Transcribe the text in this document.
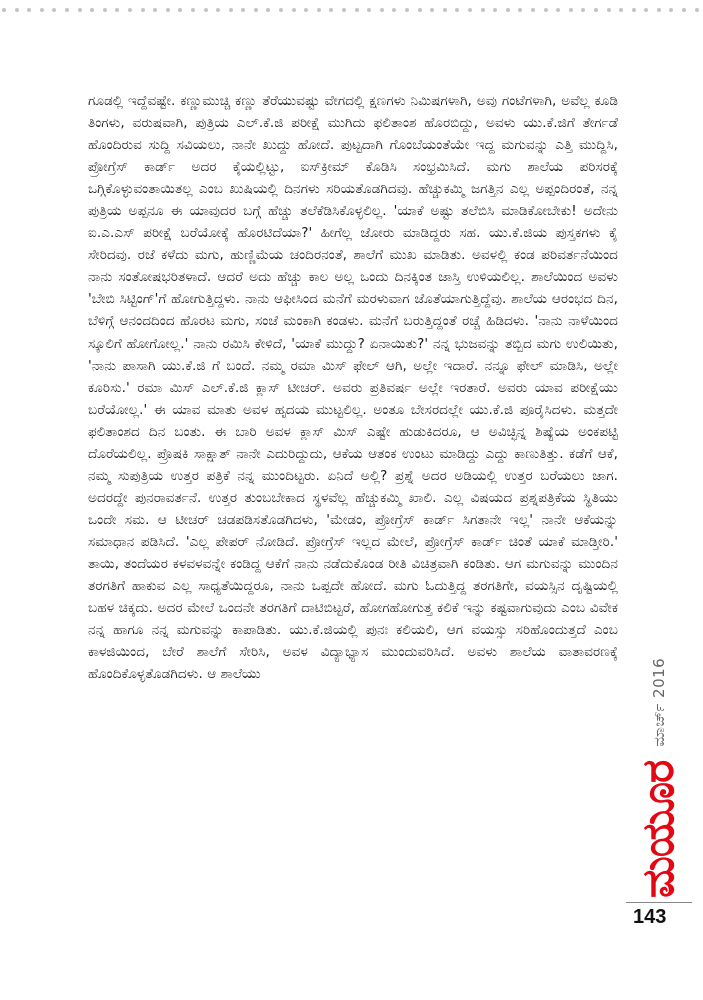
ಗೂಡಲ್ಲಿ ಇದ್ದೆವಷ್ಟೇ. ಕಣ್ಣುಮುಚ್ಚಿ ಕಣ್ಣು ತೆರೆಯುವಷ್ಟು ವೇಗದಲ್ಲಿ ಕ್ಷಣಗಳು ನಿಮಿಷಗಳಾಗಿ, ಅವು ಗಂಟೆಗಳಾಗಿ, ಅವೆಲ್ಲ ಕೂಡಿ ತಿಂಗಳು, ವರುಷವಾಗಿ, ಪುತ್ರಿಯ ಎಲ್.ಕೆ.ಜಿ ಪರೀಕ್ಷೆ ಮುಗಿದು ಫಲಿತಾಂಶ ಹೊರಬಿದ್ದು, ಅವಳು ಯು.ಕೆ.ಜಿಗೆ ತೇರ್ಗಡೆ ಹೊಂದಿರುವ ಸುದ್ದಿ ಸವಿಯಲು, ನಾನೇ ಖುದ್ದು ಹೋದೆ. ಪುಟ್ಟದಾಗಿ ಗೊಂಬೆಯಂತೆಯೇ ಇದ್ದ ಮಗುವನ್ನು ಎತ್ತಿ ಮುದ್ದಿಸಿ, ಪ್ರೋಗ್ರೆಸ್ ಕಾರ್ಡ್ ಅದರ ಕೈಯಲ್ಲಿಟ್ಟು, ಐಸ್‌ಕ್ರೀಮ್ ಕೊಡಿಸಿ ಸಂಭ್ರಮಿಸಿದೆ. ಮಗು ಶಾಲೆಯ ಪರಿಸರಕ್ಕೆ ಒಗ್ಗಿಕೊಳ್ಳುವಂತಾಯಿತಲ್ಲ ಎಂಬ ಖುಷಿಯಲ್ಲಿ ದಿನಗಳು ಸರಿಯತೊಡಗಿದವು. ಹೆಚ್ಚುಕಮ್ಮಿ ಜಗತ್ತಿನ ಎಲ್ಲ ಅಪ್ಪಂದಿರಂತೆ, ನನ್ನ ಪುತ್ರಿಯ ಅಪ್ಪನೂ ಈ ಯಾವುದರ ಬಗ್ಗೆ ಹೆಚ್ಚು ತಲೆಕೆಡಿಸಿಕೊಳ್ಳಲಿಲ್ಲ. 'ಯಾಕೆ ಅಷ್ಟು ತಲೆಬಿಸಿ ಮಾಡಿಕೋಬೇಕು! ಅದೇನು ಐ.ಎ.ಎಸ್ ಪರೀಕ್ಷೆ ಬರೆಯೋಕ್ಕೆ ಹೊರಟಿದೆಯಾ?' ಹೀಗೆಲ್ಲ ಜೋರು ಮಾಡಿದ್ದರು ಸಹ. ಯು.ಕೆ.ಜಿಯ ಪುಸ್ತಕಗಳು ಕೈ ಸೇರಿದವು. ರಜೆ ಕಳೆದು ಮಗು, ಹುಣ್ಣಿಮೆಯ ಚಂದಿರನಂತೆ, ಶಾಲೆಗೆ ಮುಖ ಮಾಡಿತು. ಅವಳಲ್ಲಿ ಕಂಡ ಪರಿವರ್ತನೆಯಿಂದ ನಾನು ಸಂತೋಷಭರಿತಳಾದೆ. ಆದರೆ ಅದು ಹೆಚ್ಚು ಕಾಲ ಅಲ್ಲ ಒಂದು ದಿನಕ್ಕಿಂತ ಜಾಸ್ತಿ ಉಳಿಯಲಿಲ್ಲ. ಶಾಲೆಯಿಂದ ಅವಳು 'ಬೇಬಿ ಸಿಟ್ಟಿಂಗ್'ಗೆ ಹೋಗುತ್ತಿದ್ದಳು. ನಾನು ಆಫೀಸಿಂದ ಮನೆಗೆ ಮರಳುವಾಗ ಜೊತೆಯಾಗುತ್ತಿದ್ದೆವು. ಶಾಲೆಯ ಆರಂಭದ ದಿನ, ಬೆಳಿಗ್ಗೆ ಆನಂದದಿಂದ ಹೊರಟ ಮಗು, ಸಂಜೆ ಮಂಕಾಗಿ ಕಂಡಳು. ಮನೆಗೆ ಬರುತ್ತಿದ್ದಂತೆ ರಚ್ಚೆ ಹಿಡಿದಳು. 'ನಾನು ನಾಳೆಯಿಂದ ಸ್ಕೂಲಿಗೆ ಹೋಗೋಲ್ಲ.' ನಾನು ರಮಿಸಿ ಕೇಳಿದೆ, 'ಯಾಕೆ ಮುದ್ದು? ಏನಾಯಿತು?' ನನ್ನ ಭುಜವನ್ನು ತಬ್ಬಿದ ಮಗು ಉಲಿಯಿತು, 'ನಾನು ಪಾಸಾಗಿ ಯು.ಕೆ.ಜಿ ಗೆ ಬಂದೆ. ನಮ್ಮ ರಮಾ ಮಿಸ್ ಫೇಲ್ ಆಗಿ, ಅಲ್ಲೇ ಇದಾರೆ. ನನ್ನೂ ಫೇಲ್ ಮಾಡಿಸಿ, ಅಲ್ಲೇ ಕೂರಿಸು.' ರಮಾ ಮಿಸ್ ಎಲ್.ಕೆ.ಜಿ ಕ್ಲಾಸ್ ಟೀಚರ್. ಅವರು ಪ್ರತಿವರ್ಷ ಅಲ್ಲೇ ಇರತಾರೆ. ಅವರು ಯಾವ ಪರೀಕ್ಷೆಯು ಬರೆಯೋಲ್ಲ.' ಈ ಯಾವ ಮಾತು ಅವಳ ಹೃದಯ ಮುಟ್ಟಲಿಲ್ಲ. ಅಂತೂ ಬೇಸರದಲ್ಲೇ ಯು.ಕೆ.ಜಿ ಪೂರೈಸಿದಳು. ಮತ್ತದೇ ಫಲಿತಾಂಶದ ದಿನ ಬಂತು. ಈ ಬಾರಿ ಅವಳ ಕ್ಲಾಸ್ ಮಿಸ್ ಎಷ್ಟೇ ಹುಡುಕಿದರೂ, ಆ ಅವಿಚ್ಛಿನ್ನ ಶಿಷ್ಯೆಯ ಅಂಕಪಟ್ಟಿ ದೊರೆಯಲಿಲ್ಲ. ಪ್ರೊಷಕಿ ಸಾಕ್ಷಾತ್ ನಾನೇ ಎದುರಿದ್ದುದು, ಆಕೆಯ ಆತಂಕ ಉಂಟು ಮಾಡಿದ್ದು ಎದ್ದು ಕಾಣುತಿತ್ತು. ಕಡೆಗೆ ಆಕೆ, ನಮ್ಮ ಸುಪುತ್ರಿಯ ಉತ್ತರ ಪತ್ರಿಕೆ ನನ್ನ ಮುಂದಿಟ್ಟರು. ಏನಿದೆ ಅಲ್ಲಿ? ಪ್ರಶ್ನೆ ಅದರ ಅಡಿಯಲ್ಲಿ ಉತ್ತರ ಬರೆಯಲು ಜಾಗ. ಅದರದ್ದೇ ಪುನರಾವರ್ತನೆ. ಉತ್ತರ ತುಂಬಬೇಕಾದ ಸ್ಥಳವೆಲ್ಲ ಹೆಚ್ಚುಕಮ್ಮಿ ಖಾಲಿ. ಎಲ್ಲ ವಿಷಯದ ಪ್ರಶ್ನಪತ್ರಿಕೆಯ ಸ್ಥಿತಿಯು ಒಂದೇ ಸಮ. ಆ ಟೀಚರ್ ಚಡಪಡಿಸತೊಡಗಿದಳು, 'ಮೇಡಂ, ಪ್ರೋಗ್ರೆಸ್ ಕಾರ್ಡ್ ಸಿಗತಾನೇ ಇಲ್ಲ' ನಾನೇ ಆಕೆಯನ್ನು ಸಮಾಧಾನ ಪಡಿಸಿದೆ. 'ಎಲ್ಲ ಪೇಪರ್ ನೋಡಿದೆ. ಪ್ರೋಗ್ರೆಸ್ ಇಲ್ಲದ ಮೇಲೆ, ಪ್ರೋಗ್ರೆಸ್ ಕಾರ್ಡ್ ಚಿಂತೆ ಯಾಕೆ ಮಾಡ್ತೀರಿ.' ತಾಯಿ, ತಂದೆಯರ ಕಳವಳವನ್ನೇ ಕಂಡಿದ್ದ ಆಕೆಗೆ ನಾನು ನಡೆದುಕೊಂಡ ರೀತಿ ವಿಚಿತ್ರವಾಗಿ ಕಂಡಿತು. ಆಗ ಮಗುವನ್ನು ಮುಂದಿನ ತರಗತಿಗೆ ಹಾಕುವ ಎಲ್ಲ ಸಾಧ್ಯತೆಯಿದ್ದರೂ, ನಾನು ಒಪ್ಪದೇ ಹೋದೆ. ಮಗು ಓದುತ್ತಿದ್ದ ತರಗತಿಗೇ, ವಯಸ್ಸಿನ ದೃಷ್ಟಿಯಲ್ಲಿ ಬಹಳ ಚಿಕ್ಕದು. ಅದರ ಮೇಲೆ ಒಂದನೇ ತರಗತಿಗೆ ದಾಟಿಬಿಟ್ಟರೆ, ಹೋಗಹೋಗುತ್ತ ಕಲಿಕೆ ಇನ್ನು ಕಷ್ಟವಾಗುವುದು ಎಂಬ ವಿವೇಕ ನನ್ನ ಹಾಗೂ ನನ್ನ ಮಗುವನ್ನು ಕಾಪಾಡಿತು. ಯು.ಕೆ.ಜಿಯಲ್ಲಿ ಪುನಃ ಕಲಿಯಲಿ, ಆಗ ವಯಸ್ಸು ಸರಿಹೊಂದುತ್ತದೆ ಎಂಬ ಕಾಳಜಿಯಿಂದ, ಬೇರೆ ಶಾಲೆಗೆ ಸೇರಿಸಿ, ಅವಳ ವಿದ್ಯಾಭ್ಯಾಸ ಮುಂದುವರಿಸಿದೆ. ಅವಳು ಶಾಲೆಯ ವಾತಾವರಣಕ್ಕೆ ಹೊಂದಿಕೊಳ್ಳತೊಡಗಿದಳು. ಆ ಶಾಲೆಯು

ಮಯೂರ
ಮಾರ್ಚ್ 2016
143
